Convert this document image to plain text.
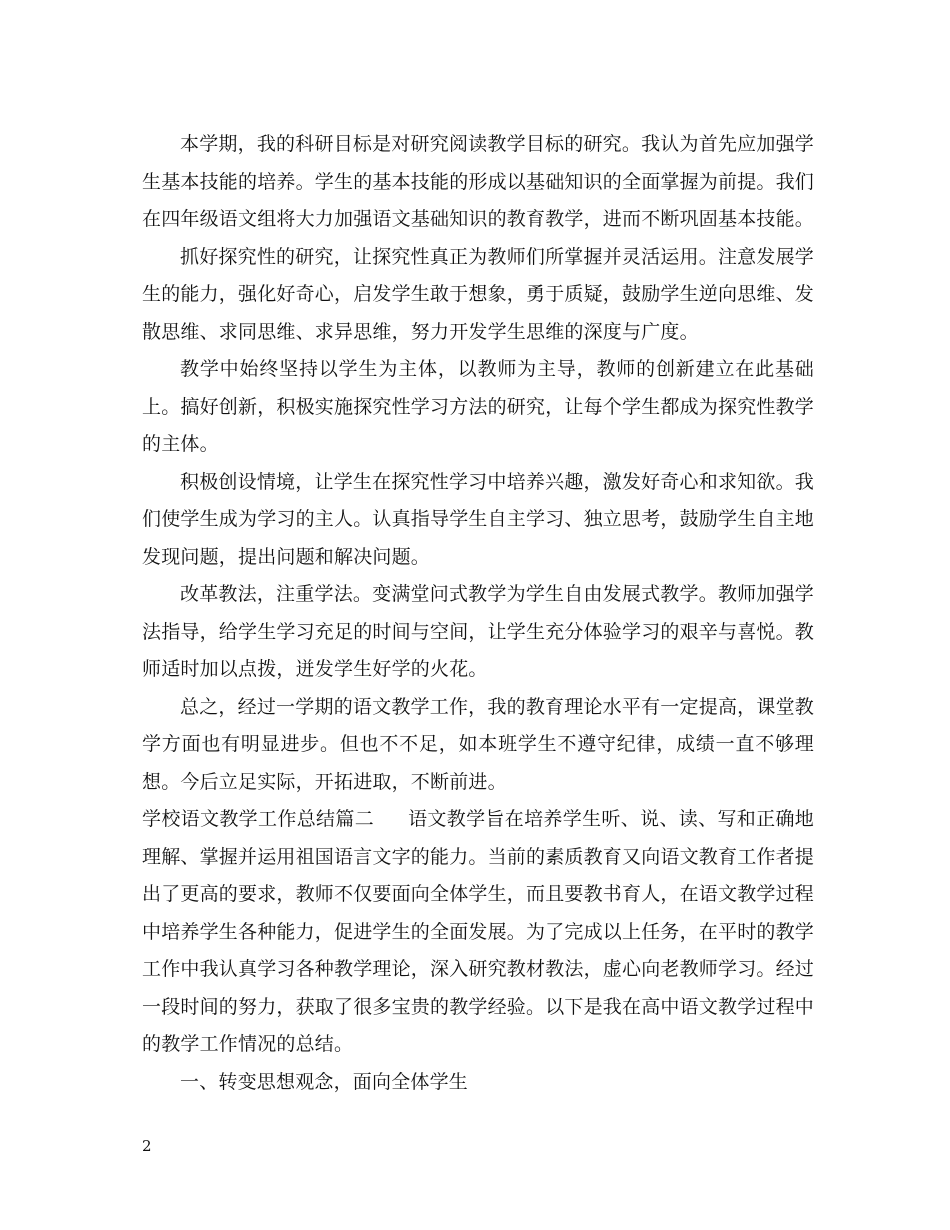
本学期，我的科研目标是对研究阅读教学目标的研究。我认为首先应加强学生基本技能的培养。学生的基本技能的形成以基础知识的全面掌握为前提。我们在四年级语文组将大力加强语文基础知识的教育教学，进而不断巩固基本技能。

抓好探究性的研究，让探究性真正为教师们所掌握并灵活运用。注意发展学生的能力，强化好奇心，启发学生敢于想象，勇于质疑，鼓励学生逆向思维、发散思维、求同思维、求异思维，努力开发学生思维的深度与广度。

教学中始终坚持以学生为主体，以教师为主导，教师的创新建立在此基础上。搞好创新，积极实施探究性学习方法的研究，让每个学生都成为探究性教学的主体。

积极创设情境，让学生在探究性学习中培养兴趣，激发好奇心和求知欲。我们使学生成为学习的主人。认真指导学生自主学习、独立思考，鼓励学生自主地发现问题，提出问题和解决问题。

改革教法，注重学法。变满堂问式教学为学生自由发展式教学。教师加强学法指导，给学生学习充足的时间与空间，让学生充分体验学习的艰辛与喜悦。教师适时加以点拨，迸发学生好学的火花。

总之，经过一学期的语文教学工作，我的教育理论水平有一定提高，课堂教学方面也有明显进步。但也不不足，如本班学生不遵守纪律，成绩一直不够理想。今后立足实际，开拓进取，不断前进。

学校语文教学工作总结篇二 语文教学旨在培养学生听、说、读、写和正确地理解、掌握并运用祖国语言文字的能力。当前的素质教育又向语文教育工作者提出了更高的要求，教师不仅要面向全体学生，而且要教书育人，在语文教学过程中培养学生各种能力，促进学生的全面发展。为了完成以上任务，在平时的教学工作中我认真学习各种教学理论，深入研究教材教法，虚心向老教师学习。经过一段时间的努力，获取了很多宝贵的教学经验。以下是我在高中语文教学过程中的教学工作情况的总结。

一、转变思想观念，面向全体学生

2
